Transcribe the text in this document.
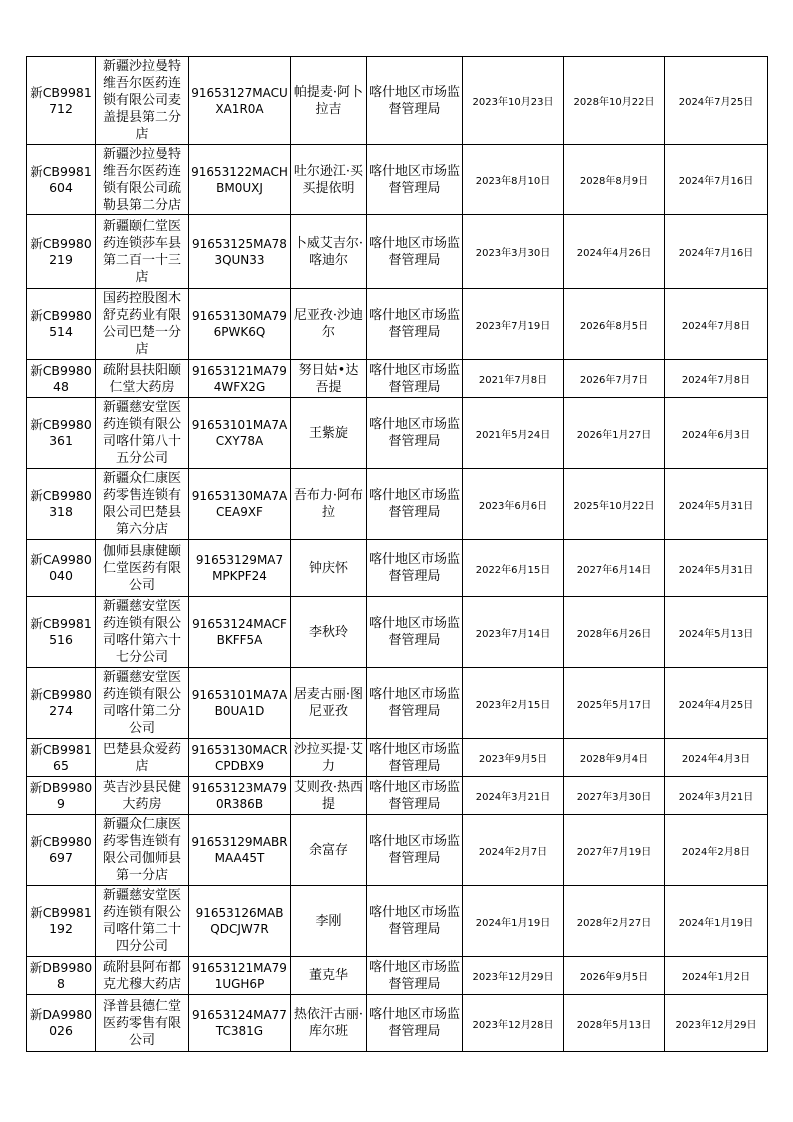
新CB9981712	新疆沙拉曼特维吾尔医药连锁有限公司麦盖提县第二分店	91653127MACUXA1R0A	帕提麦·阿卜拉吉	喀什地区市场监督管理局	2023年10月23日	2028年10月22日	2024年7月25日
新CB9981604	新疆沙拉曼特维吾尔医药连锁有限公司疏勒县第二分店	91653122MACHBM0UXJ	吐尔逊江·买买提依明	喀什地区市场监督管理局	2023年8月10日	2028年8月9日	2024年7月16日
新CB9980219	新疆颐仁堂医药连锁莎车县第二百一十三店	91653125MA783QUN33	卜威艾吉尔·喀迪尔	喀什地区市场监督管理局	2023年3月30日	2024年4月26日	2024年7月16日
新CB9980514	国药控股图木舒克药业有限公司巴楚一分店	91653130MA796PWK6Q	尼亚孜·沙迪尔	喀什地区市场监督管理局	2023年7月19日	2026年8月5日	2024年7月8日
新CB998048	疏附县扶阳颐仁堂大药房	91653121MA794WFX2G	努日姑•达吾提	喀什地区市场监督管理局	2021年7月8日	2026年7月7日	2024年7月8日
新CB9980361	新疆慈安堂医药连锁有限公司喀什第八十五分公司	91653101MA7ACXY78A	王紫旋	喀什地区市场监督管理局	2021年5月24日	2026年1月27日	2024年6月3日
新CB9980318	新疆众仁康医药零售连锁有限公司巴楚县第六分店	91653130MA7ACEA9XF	吾布力·阿布拉	喀什地区市场监督管理局	2023年6月6日	2025年10月22日	2024年5月31日
新CA9980040	伽师县康健颐仁堂医药有限公司	91653129MA7MPKPF24	钟庆怀	喀什地区市场监督管理局	2022年6月15日	2027年6月14日	2024年5月31日
新CB9981516	新疆慈安堂医药连锁有限公司喀什第六十七分公司	91653124MACFBKFF5A	李秋玲	喀什地区市场监督管理局	2023年7月14日	2028年6月26日	2024年5月13日
新CB9980274	新疆慈安堂医药连锁有限公司喀什第二分公司	91653101MA7AB0UA1D	居麦古丽·图尼亚孜	喀什地区市场监督管理局	2023年2月15日	2025年5月17日	2024年4月25日
新CB998165	巴楚县众爱药店	91653130MACRCPDBX9	沙拉买提·艾力	喀什地区市场监督管理局	2023年9月5日	2028年9月4日	2024年4月3日
新DB99809	英吉沙县民健大药房	91653123MA790R386B	艾则孜·热西提	喀什地区市场监督管理局	2024年3月21日	2027年3月30日	2024年3月21日
新CB9980697	新疆众仁康医药零售连锁有限公司伽师县第一分店	91653129MABRMAA45T	余富存	喀什地区市场监督管理局	2024年2月7日	2027年7月19日	2024年2月8日
新CB9981192	新疆慈安堂医药连锁有限公司喀什第二十四分公司	91653126MABQDCJW7R	李刚	喀什地区市场监督管理局	2024年1月19日	2028年2月27日	2024年1月19日
新DB99808	疏附县阿布都克尤穆大药店	91653121MA791UGH6P	董克华	喀什地区市场监督管理局	2023年12月29日	2026年9月5日	2024年1月2日
新DA9980026	泽普县德仁堂医药零售有限公司	91653124MA77TC381G	热依汗古丽·库尔班	喀什地区市场监督管理局	2023年12月28日	2028年5月13日	2023年12月29日
